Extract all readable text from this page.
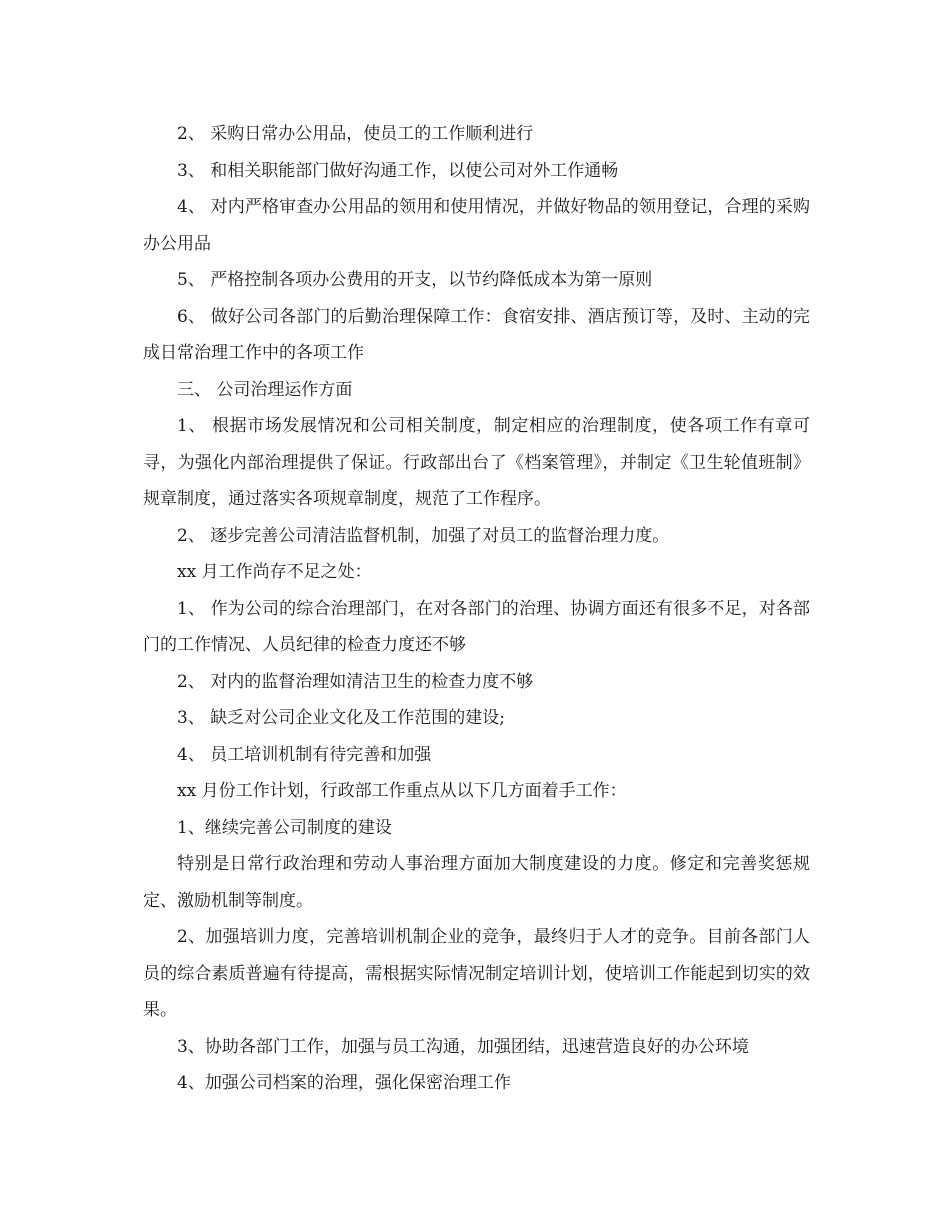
2、 采购日常办公用品，使员工的工作顺利进行

3、 和相关职能部门做好沟通工作，以使公司对外工作通畅

4、 对内严格审查办公用品的领用和使用情况，并做好物品的领用登记，合理的采购办公用品

5、 严格控制各项办公费用的开支，以节约降低成本为第一原则

6、 做好公司各部门的后勤治理保障工作：食宿安排、酒店预订等，及时、主动的完成日常治理工作中的各项工作

三、 公司治理运作方面

1、 根据市场发展情况和公司相关制度，制定相应的治理制度，使各项工作有章可寻，为强化内部治理提供了保证。行政部出台了《档案管理》，并制定《卫生轮值班制》规章制度，通过落实各项规章制度，规范了工作程序。

2、 逐步完善公司清洁监督机制，加强了对员工的监督治理力度。

xx 月工作尚存不足之处：

1、 作为公司的综合治理部门，在对各部门的治理、协调方面还有很多不足，对各部门的工作情况、人员纪律的检查力度还不够

2、 对内的监督治理如清洁卫生的检查力度不够

3、 缺乏对公司企业文化及工作范围的建设;

4、 员工培训机制有待完善和加强

xx 月份工作计划，行政部工作重点从以下几方面着手工作：

1、继续完善公司制度的建设

特别是日常行政治理和劳动人事治理方面加大制度建设的力度。修定和完善奖惩规定、激励机制等制度。

2、加强培训力度，完善培训机制企业的竞争，最终归于人才的竞争。目前各部门人员的综合素质普遍有待提高，需根据实际情况制定培训计划，使培训工作能起到切实的效果。

3、协助各部门工作，加强与员工沟通，加强团结，迅速营造良好的办公环境

4、加强公司档案的治理，强化保密治理工作
